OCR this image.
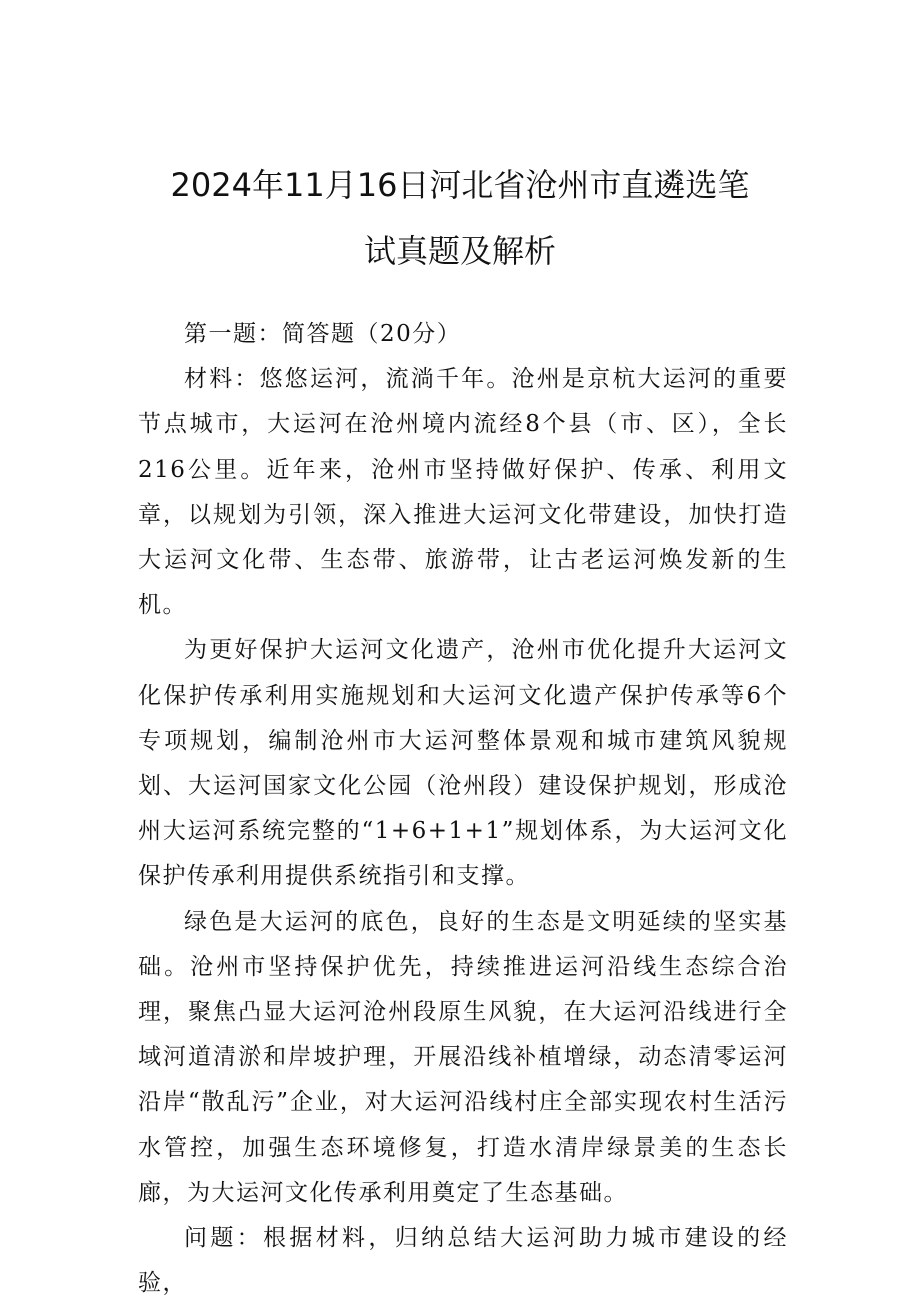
2024年11月16日河北省沧州市直遴选笔
试真题及解析

第一题：简答题（20分）

材料：悠悠运河，流淌千年。沧州是京杭大运河的重要节点城市，大运河在沧州境内流经8个县（市、区），全长216公里。近年来，沧州市坚持做好保护、传承、利用文章，以规划为引领，深入推进大运河文化带建设，加快打造大运河文化带、生态带、旅游带，让古老运河焕发新的生机。

为更好保护大运河文化遗产，沧州市优化提升大运河文化保护传承利用实施规划和大运河文化遗产保护传承等6个专项规划，编制沧州市大运河整体景观和城市建筑风貌规划、大运河国家文化公园（沧州段）建设保护规划，形成沧州大运河系统完整的“1+6+1+1”规划体系，为大运河文化保护传承利用提供系统指引和支撑。

绿色是大运河的底色，良好的生态是文明延续的坚实基础。沧州市坚持保护优先，持续推进运河沿线生态综合治理，聚焦凸显大运河沧州段原生风貌，在大运河沿线进行全域河道清淤和岸坡护理，开展沿线补植增绿，动态清零运河沿岸“散乱污”企业，对大运河沿线村庄全部实现农村生活污水管控，加强生态环境修复，打造水清岸绿景美的生态长廊，为大运河文化传承利用奠定了生态基础。

问题：根据材料，归纳总结大运河助力城市建设的经验，
